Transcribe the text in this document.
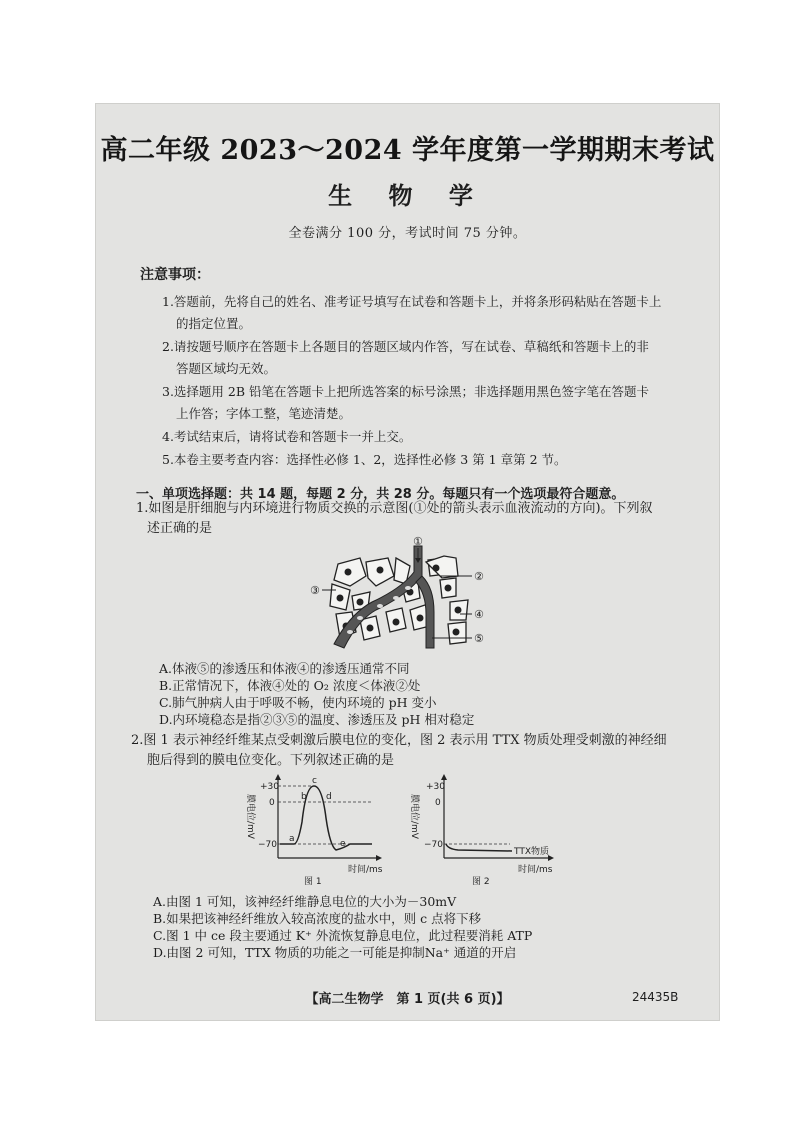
高二年级 2023～2024 学年度第一学期期末考试
生 物 学
全卷满分 100 分，考试时间 75 分钟。
注意事项：
1.答题前，先将自己的姓名、准考证号填写在试卷和答题卡上，并将条形码粘贴在答题卡上
的指定位置。
2.请按题号顺序在答题卡上各题目的答题区域内作答，写在试卷、草稿纸和答题卡上的非
答题区域均无效。
3.选择题用 2B 铅笔在答题卡上把所选答案的标号涂黑；非选择题用黑色签字笔在答题卡
上作答；字体工整，笔迹清楚。
4.考试结束后，请将试卷和答题卡一并上交。
5.本卷主要考查内容：选择性必修 1、2，选择性必修 3 第 1 章第 2 节。
一、单项选择题：共 14 题，每题 2 分，共 28 分。每题只有一个选项最符合题意。
1.如图是肝细胞与内环境进行物质交换的示意图(①处的箭头表示血液流动的方向)。下列叙
述正确的是
①
②
③
④
⑤
A.体液⑤的渗透压和体液④的渗透压通常不同
B.正常情况下，体液④处的 O₂ 浓度＜体液②处
C.肺气肿病人由于呼吸不畅，使内环境的 pH 变小
D.内环境稳态是指②③⑤的温度、渗透压及 pH 相对稳定
2.图 1 表示神经纤维某点受刺激后膜电位的变化，图 2 表示用 TTX 物质处理受刺激的神经细
胞后得到的膜电位变化。下列叙述正确的是
+30
0
−70
a
b
c
d
e
时间/ms
图 1
膜电位/mV
+30
0
−70
TTX物质
时间/ms
图 2
膜电位/mV
A.由图 1 可知，该神经纤维静息电位的大小为－30mV
B.如果把该神经纤维放入较高浓度的盐水中，则 c 点将下移
C.图 1 中 ce 段主要通过 K⁺ 外流恢复静息电位，此过程要消耗 ATP
D.由图 2 可知，TTX 物质的功能之一可能是抑制Na⁺ 通道的开启
【高二生物学　第 1 页(共 6 页)】	24435B
